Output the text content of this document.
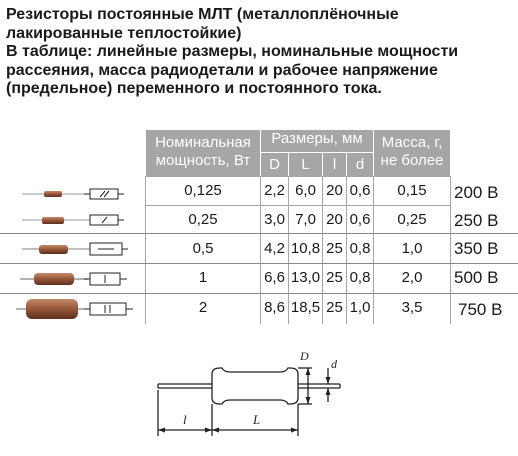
Резисторы постоянные МЛТ (металлоплёночные
лакированные теплостойкие)
В таблице: линейные размеры, номинальные мощности
рассеяния, масса радиодетали и рабочее напряжение
(предельное) переменного и постоянного тока.
Номинальная мощность, Вт
Размеры, мм
D	L	l	d
Масса, г, не более
0,125	2,2 6,0 20 0,6	0,15	200 В
0,25	3,0 7,0 20 0,6	0,25	250 В
0,5	4,2 10,8 25 0,8	1,0	350 В
1	6,6 13,0 25 0,8	2,0	500 В
2	8,6 18,5 25 1,0	3,5	750 В
D
d
l	L
